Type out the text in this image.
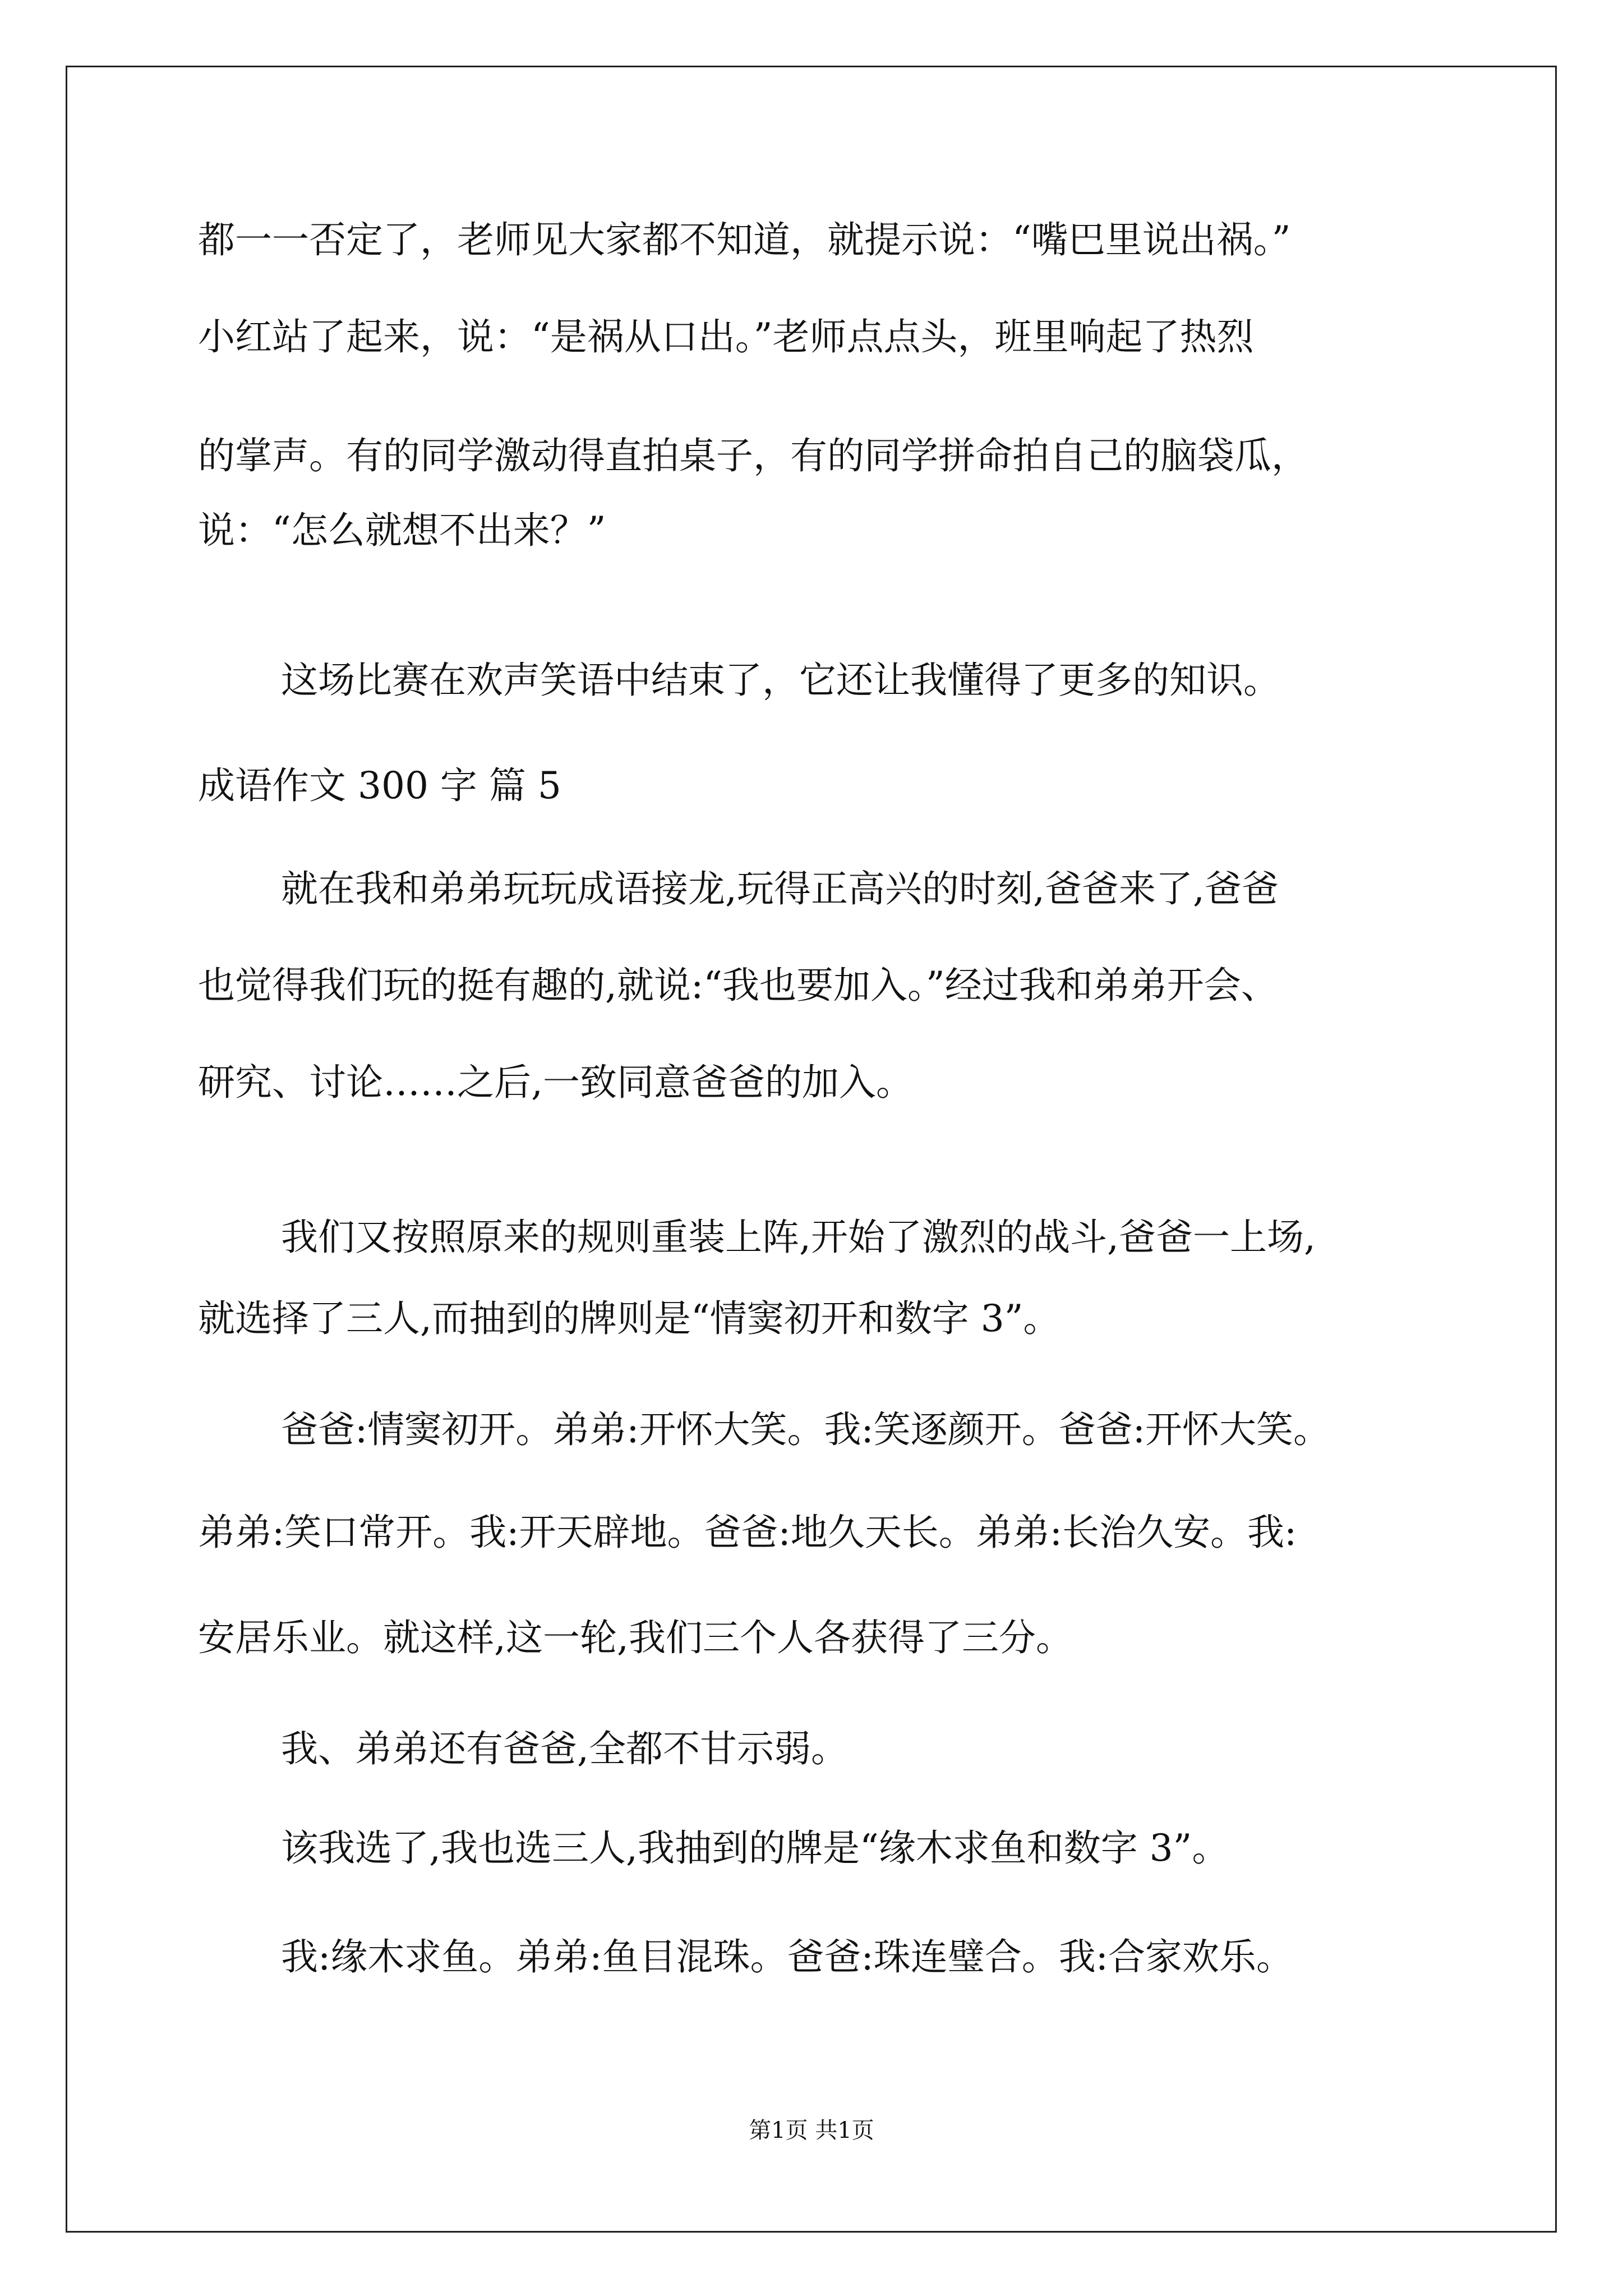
都一一否定了，老师见大家都不知道，就提示说：“嘴巴里说出祸。”
小红站了起来，说：“是祸从口出。”老师点点头，班里响起了热烈
的掌声。有的同学激动得直拍桌子，有的同学拼命拍自己的脑袋瓜，
说：“怎么就想不出来？”
这场比赛在欢声笑语中结束了，它还让我懂得了更多的知识。
成语作文 300 字 篇 5
就在我和弟弟玩玩成语接龙,玩得正高兴的时刻,爸爸来了,爸爸
也觉得我们玩的挺有趣的,就说:“我也要加入。”经过我和弟弟开会、
研究、讨论……之后,一致同意爸爸的加入。
我们又按照原来的规则重装上阵,开始了激烈的战斗,爸爸一上场,
就选择了三人,而抽到的牌则是“情窦初开和数字 3”。
爸爸:情窦初开。弟弟:开怀大笑。我:笑逐颜开。爸爸:开怀大笑。
弟弟:笑口常开。我:开天辟地。爸爸:地久天长。弟弟:长治久安。我:
安居乐业。就这样,这一轮,我们三个人各获得了三分。
我、弟弟还有爸爸,全都不甘示弱。
该我选了,我也选三人,我抽到的牌是“缘木求鱼和数字 3”。
我:缘木求鱼。弟弟:鱼目混珠。爸爸:珠连璧合。我:合家欢乐。
第1页 共1页
